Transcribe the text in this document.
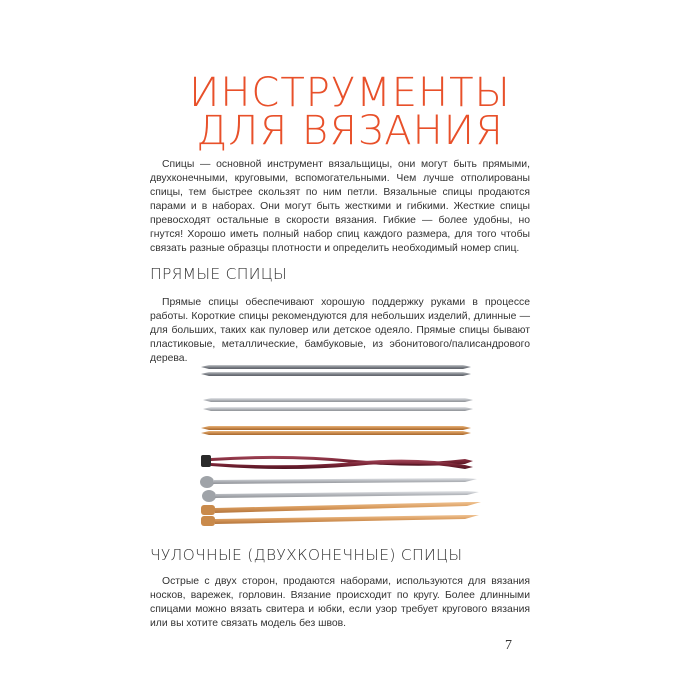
ИНСТРУМЕНТЫ
ДЛЯ ВЯЗАНИЯ

Спицы — основной инструмент вязальщицы, они могут быть прямыми, двухконечными, круговыми, вспомогательными. Чем лучше отполированы спицы, тем быстрее скользят по ним петли. Вязальные спицы продаются парами и в наборах. Они могут быть жесткими и гибкими. Жесткие спицы превосходят остальные в скорости вязания. Гибкие — более удобны, но гнутся! Хорошо иметь полный набор спиц каждого размера, для того чтобы связать разные образцы плотности и определить необходимый номер спиц.

ПРЯМЫЕ СПИЦЫ

Прямые спицы обеспечивают хорошую поддержку руками в процессе работы. Короткие спицы рекомендуются для небольших изделий, длинные — для больших, таких как пуловер или детское одеяло. Прямые спицы бывают пластиковые, металлические, бамбуковые, из эбонитового/палисандрового дерева.

ЧУЛОЧНЫЕ (ДВУХКОНЕЧНЫЕ) СПИЦЫ

Острые с двух сторон, продаются наборами, используются для вязания носков, варежек, горловин. Вязание происходит по кругу. Более длинными спицами можно вязать свитера и юбки, если узор требует кругового вязания или вы хотите связать модель без швов.

7
